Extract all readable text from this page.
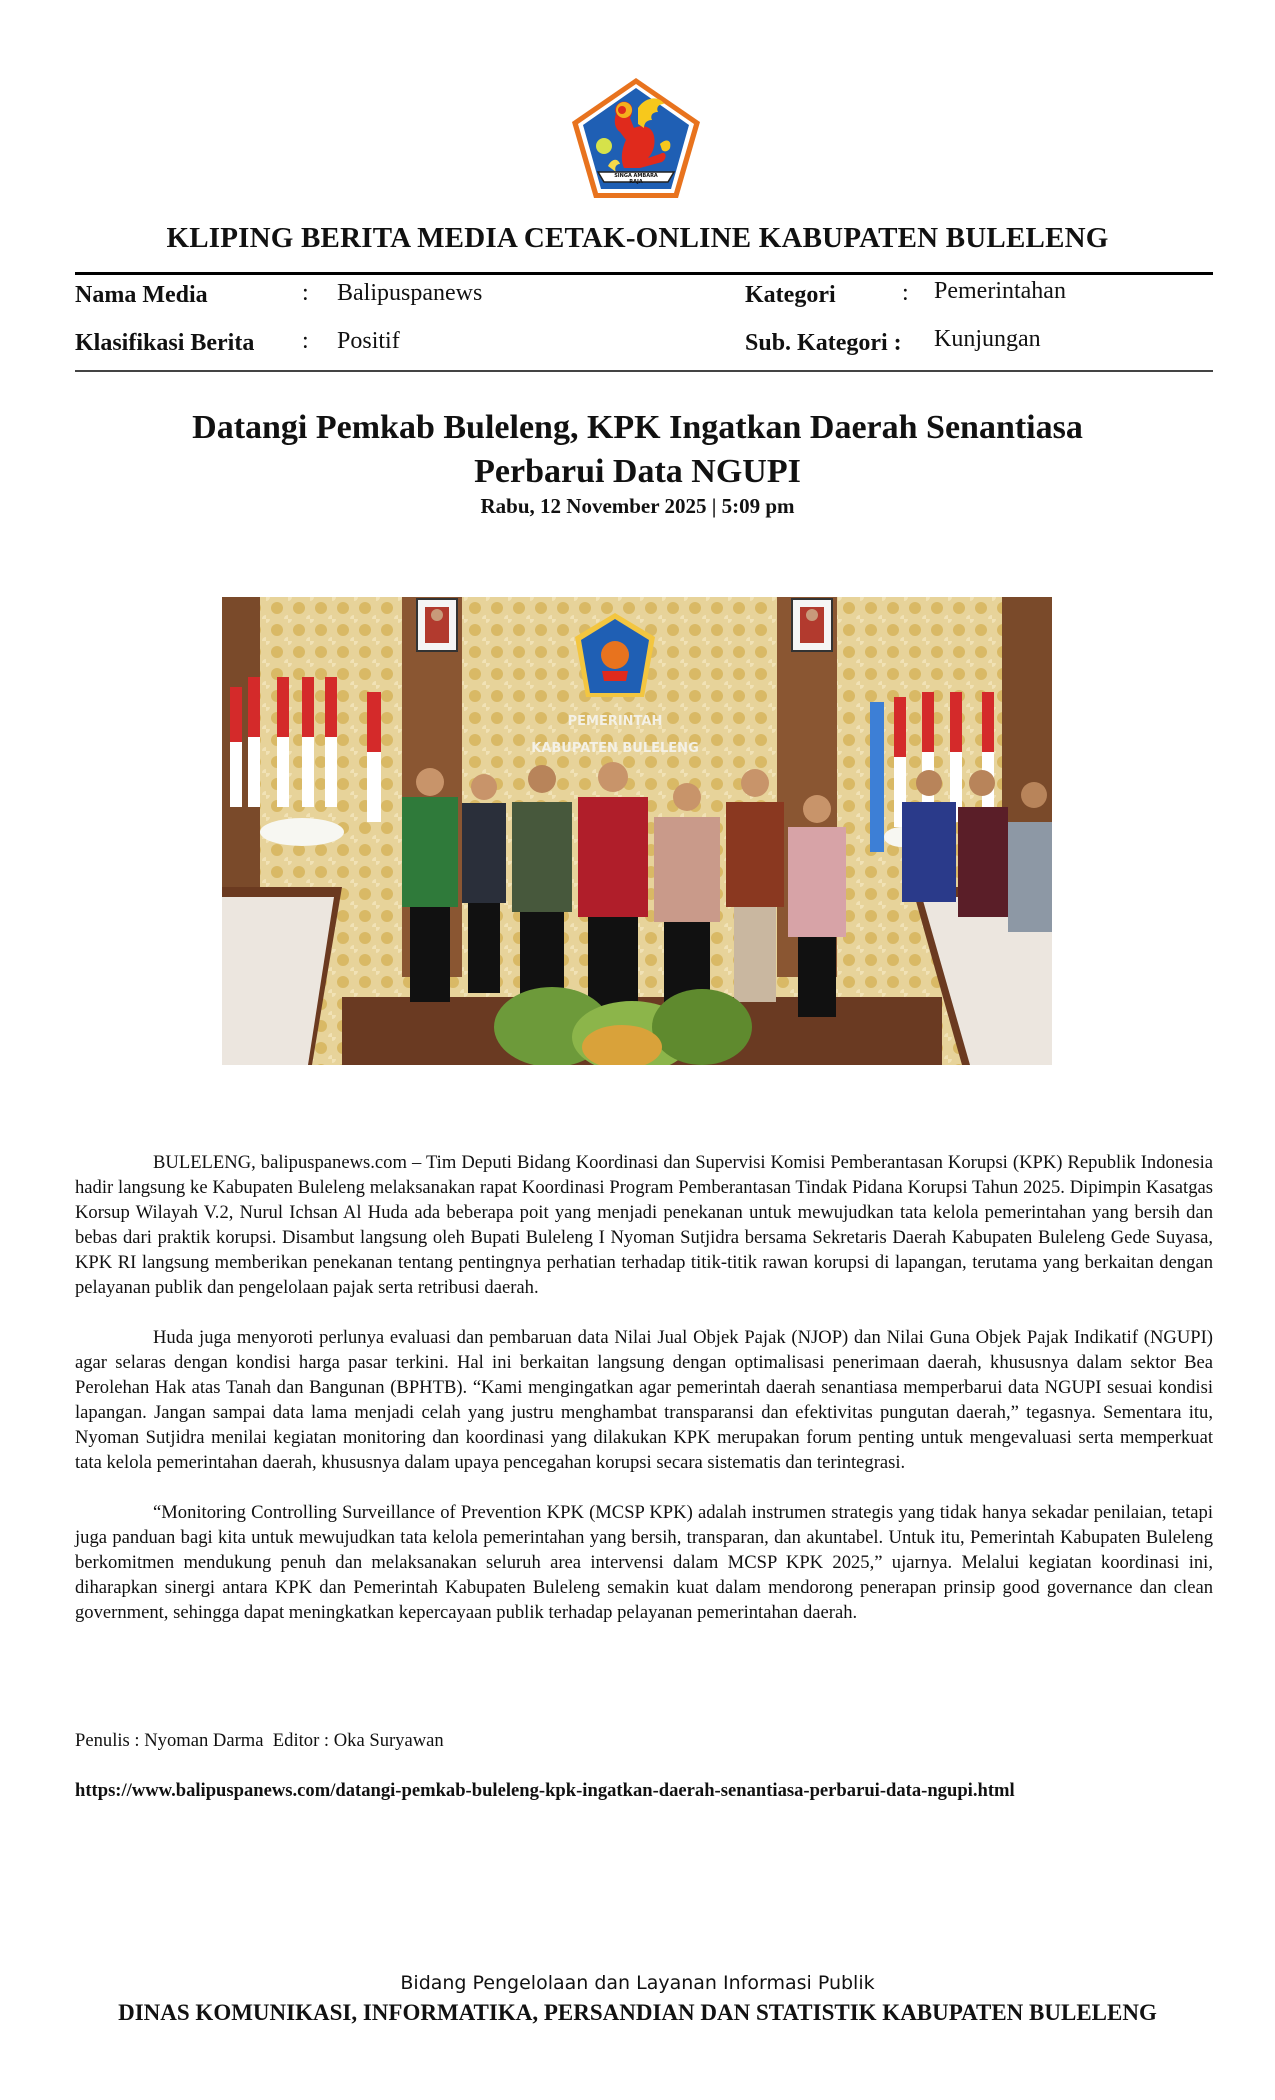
SINGA AMBARA RAJA
KLIPING BERITA MEDIA CETAK-ONLINE KABUPATEN BULELENG
Nama Media	: Balipuspanews
Klasifikasi Berita : Positif
Kategori	: Pemerintahan
Sub. Kategori : Kunjungan
Datangi Pemkab Buleleng, KPK Ingatkan Daerah Senantiasa
Perbarui Data NGUPI
Rabu, 12 November 2025 | 5:09 pm
PEMERINTAH
KABUPATEN BULELENG

BULELENG, balipuspanews.com – Tim Deputi Bidang Koordinasi dan Supervisi Komisi Pemberantasan Korupsi (KPK) Republik Indonesia hadir langsung ke Kabupaten Buleleng melaksanakan rapat Koordinasi Program Pemberantasan Tindak Pidana Korupsi Tahun 2025. Dipimpin Kasatgas Korsup Wilayah V.2, Nurul Ichsan Al Huda ada beberapa poit yang menjadi penekanan untuk mewujudkan tata kelola pemerintahan yang bersih dan bebas dari praktik korupsi. Disambut langsung oleh Bupati Buleleng I Nyoman Sutjidra bersama Sekretaris Daerah Kabupaten Buleleng Gede Suyasa, KPK RI langsung memberikan penekanan tentang pentingnya perhatian terhadap titik-titik rawan korupsi di lapangan, terutama yang berkaitan dengan pelayanan publik dan pengelolaan pajak serta retribusi daerah.

Huda juga menyoroti perlunya evaluasi dan pembaruan data Nilai Jual Objek Pajak (NJOP) dan Nilai Guna Objek Pajak Indikatif (NGUPI) agar selaras dengan kondisi harga pasar terkini. Hal ini berkaitan langsung dengan optimalisasi penerimaan daerah, khususnya dalam sektor Bea Perolehan Hak atas Tanah dan Bangunan (BPHTB). “Kami mengingatkan agar pemerintah daerah senantiasa memperbarui data NGUPI sesuai kondisi lapangan. Jangan sampai data lama menjadi celah yang justru menghambat transparansi dan efektivitas pungutan daerah,” tegasnya. Sementara itu, Nyoman Sutjidra menilai kegiatan monitoring dan koordinasi yang dilakukan KPK merupakan forum penting untuk mengevaluasi serta memperkuat tata kelola pemerintahan daerah, khususnya dalam upaya pencegahan korupsi secara sistematis dan terintegrasi.

“Monitoring Controlling Surveillance of Prevention KPK (MCSP KPK) adalah instrumen strategis yang tidak hanya sekadar penilaian, tetapi juga panduan bagi kita untuk mewujudkan tata kelola pemerintahan yang bersih, transparan, dan akuntabel. Untuk itu, Pemerintah Kabupaten Buleleng berkomitmen mendukung penuh dan melaksanakan seluruh area intervensi dalam MCSP KPK 2025,” ujarnya. Melalui kegiatan koordinasi ini, diharapkan sinergi antara KPK dan Pemerintah Kabupaten Buleleng semakin kuat dalam mendorong penerapan prinsip good governance dan clean government, sehingga dapat meningkatkan kepercayaan publik terhadap pelayanan pemerintahan daerah.

Penulis : Nyoman Darma  Editor : Oka Suryawan
https://www.balipuspanews.com/datangi-pemkab-buleleng-kpk-ingatkan-daerah-senantiasa-perbarui-data-ngupi.html
Bidang Pengelolaan dan Layanan Informasi Publik
DINAS KOMUNIKASI, INFORMATIKA, PERSANDIAN DAN STATISTIK KABUPATEN BULELENG
